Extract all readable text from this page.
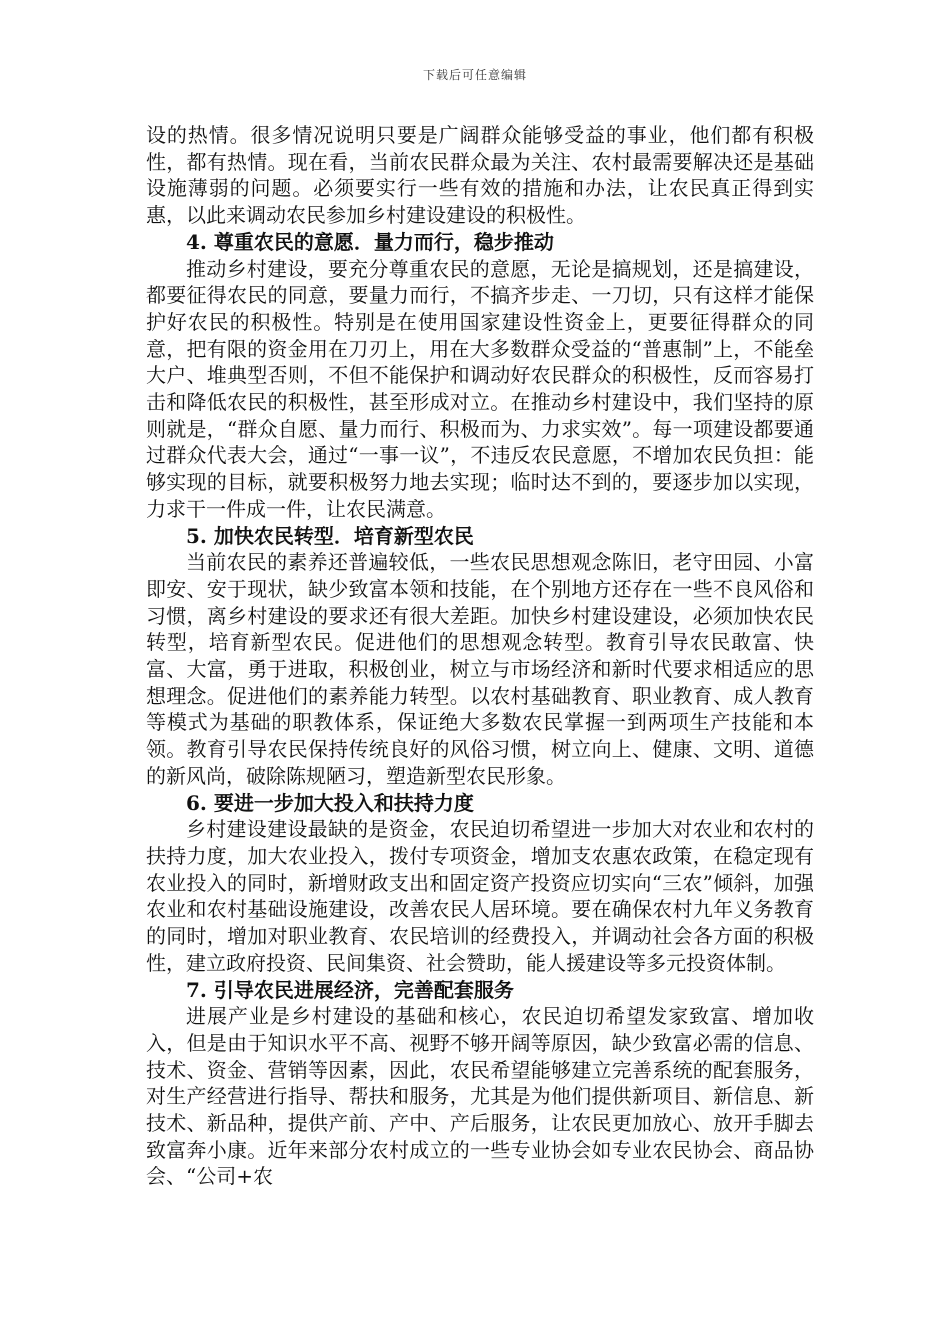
下载后可任意编辑

设的热情。很多情况说明只要是广阔群众能够受益的事业，他们都有积极性，都有热情。现在看，当前农民群众最为关注、农村最需要解决还是基础设施薄弱的问题。必须要实行一些有效的措施和办法，让农民真正得到实惠，以此来调动农民参加乡村建设建设的积极性。

4. 尊重农民的意愿．量力而行，稳步推动

推动乡村建设，要充分尊重农民的意愿，无论是搞规划，还是搞建设，都要征得农民的同意，要量力而行，不搞齐步走、一刀切，只有这样才能保护好农民的积极性。特别是在使用国家建设性资金上，更要征得群众的同意，把有限的资金用在刀刃上，用在大多数群众受益的“普惠制”上，不能垒大户、堆典型否则，不但不能保护和调动好农民群众的积极性，反而容易打击和降低农民的积极性，甚至形成对立。在推动乡村建设中，我们坚持的原则就是，“群众自愿、量力而行、积极而为、力求实效”。每一项建设都要通过群众代表大会，通过“一事一议”，不违反农民意愿，不增加农民负担：能够实现的目标，就要积极努力地去实现；临时达不到的，要逐步加以实现，力求干一件成一件，让农民满意。

5. 加快农民转型．培育新型农民

当前农民的素养还普遍较低，一些农民思想观念陈旧，老守田园、小富即安、安于现状，缺少致富本领和技能，在个别地方还存在一些不良风俗和习惯，离乡村建设的要求还有很大差距。加快乡村建设建设，必须加快农民转型，培育新型农民。促进他们的思想观念转型。教育引导农民敢富、快富、大富，勇于进取，积极创业，树立与市场经济和新时代要求相适应的思想理念。促进他们的素养能力转型。以农村基础教育、职业教育、成人教育等模式为基础的职教体系，保证绝大多数农民掌握一到两项生产技能和本领。教育引导农民保持传统良好的风俗习惯，树立向上、健康、文明、道德的新风尚，破除陈规陋习，塑造新型农民形象。

6. 要进一步加大投入和扶持力度

乡村建设建设最缺的是资金，农民迫切希望进一步加大对农业和农村的扶持力度，加大农业投入，拨付专项资金，增加支农惠农政策，在稳定现有农业投入的同时，新增财政支出和固定资产投资应切实向“三农”倾斜，加强农业和农村基础设施建设，改善农民人居环境。要在确保农村九年义务教育的同时，增加对职业教育、农民培训的经费投入，并调动社会各方面的积极性，建立政府投资、民间集资、社会赞助，能人援建设等多元投资体制。

7. 引导农民进展经济，完善配套服务

进展产业是乡村建设的基础和核心，农民迫切希望发家致富、增加收入，但是由于知识水平不高、视野不够开阔等原因，缺少致富必需的信息、技术、资金、营销等因素，因此，农民希望能够建立完善系统的配套服务，对生产经营进行指导、帮扶和服务，尤其是为他们提供新项目、新信息、新技术、新品种，提供产前、产中、产后服务，让农民更加放心、放开手脚去致富奔小康。近年来部分农村成立的一些专业协会如专业农民协会、商品协会、“公司+农
